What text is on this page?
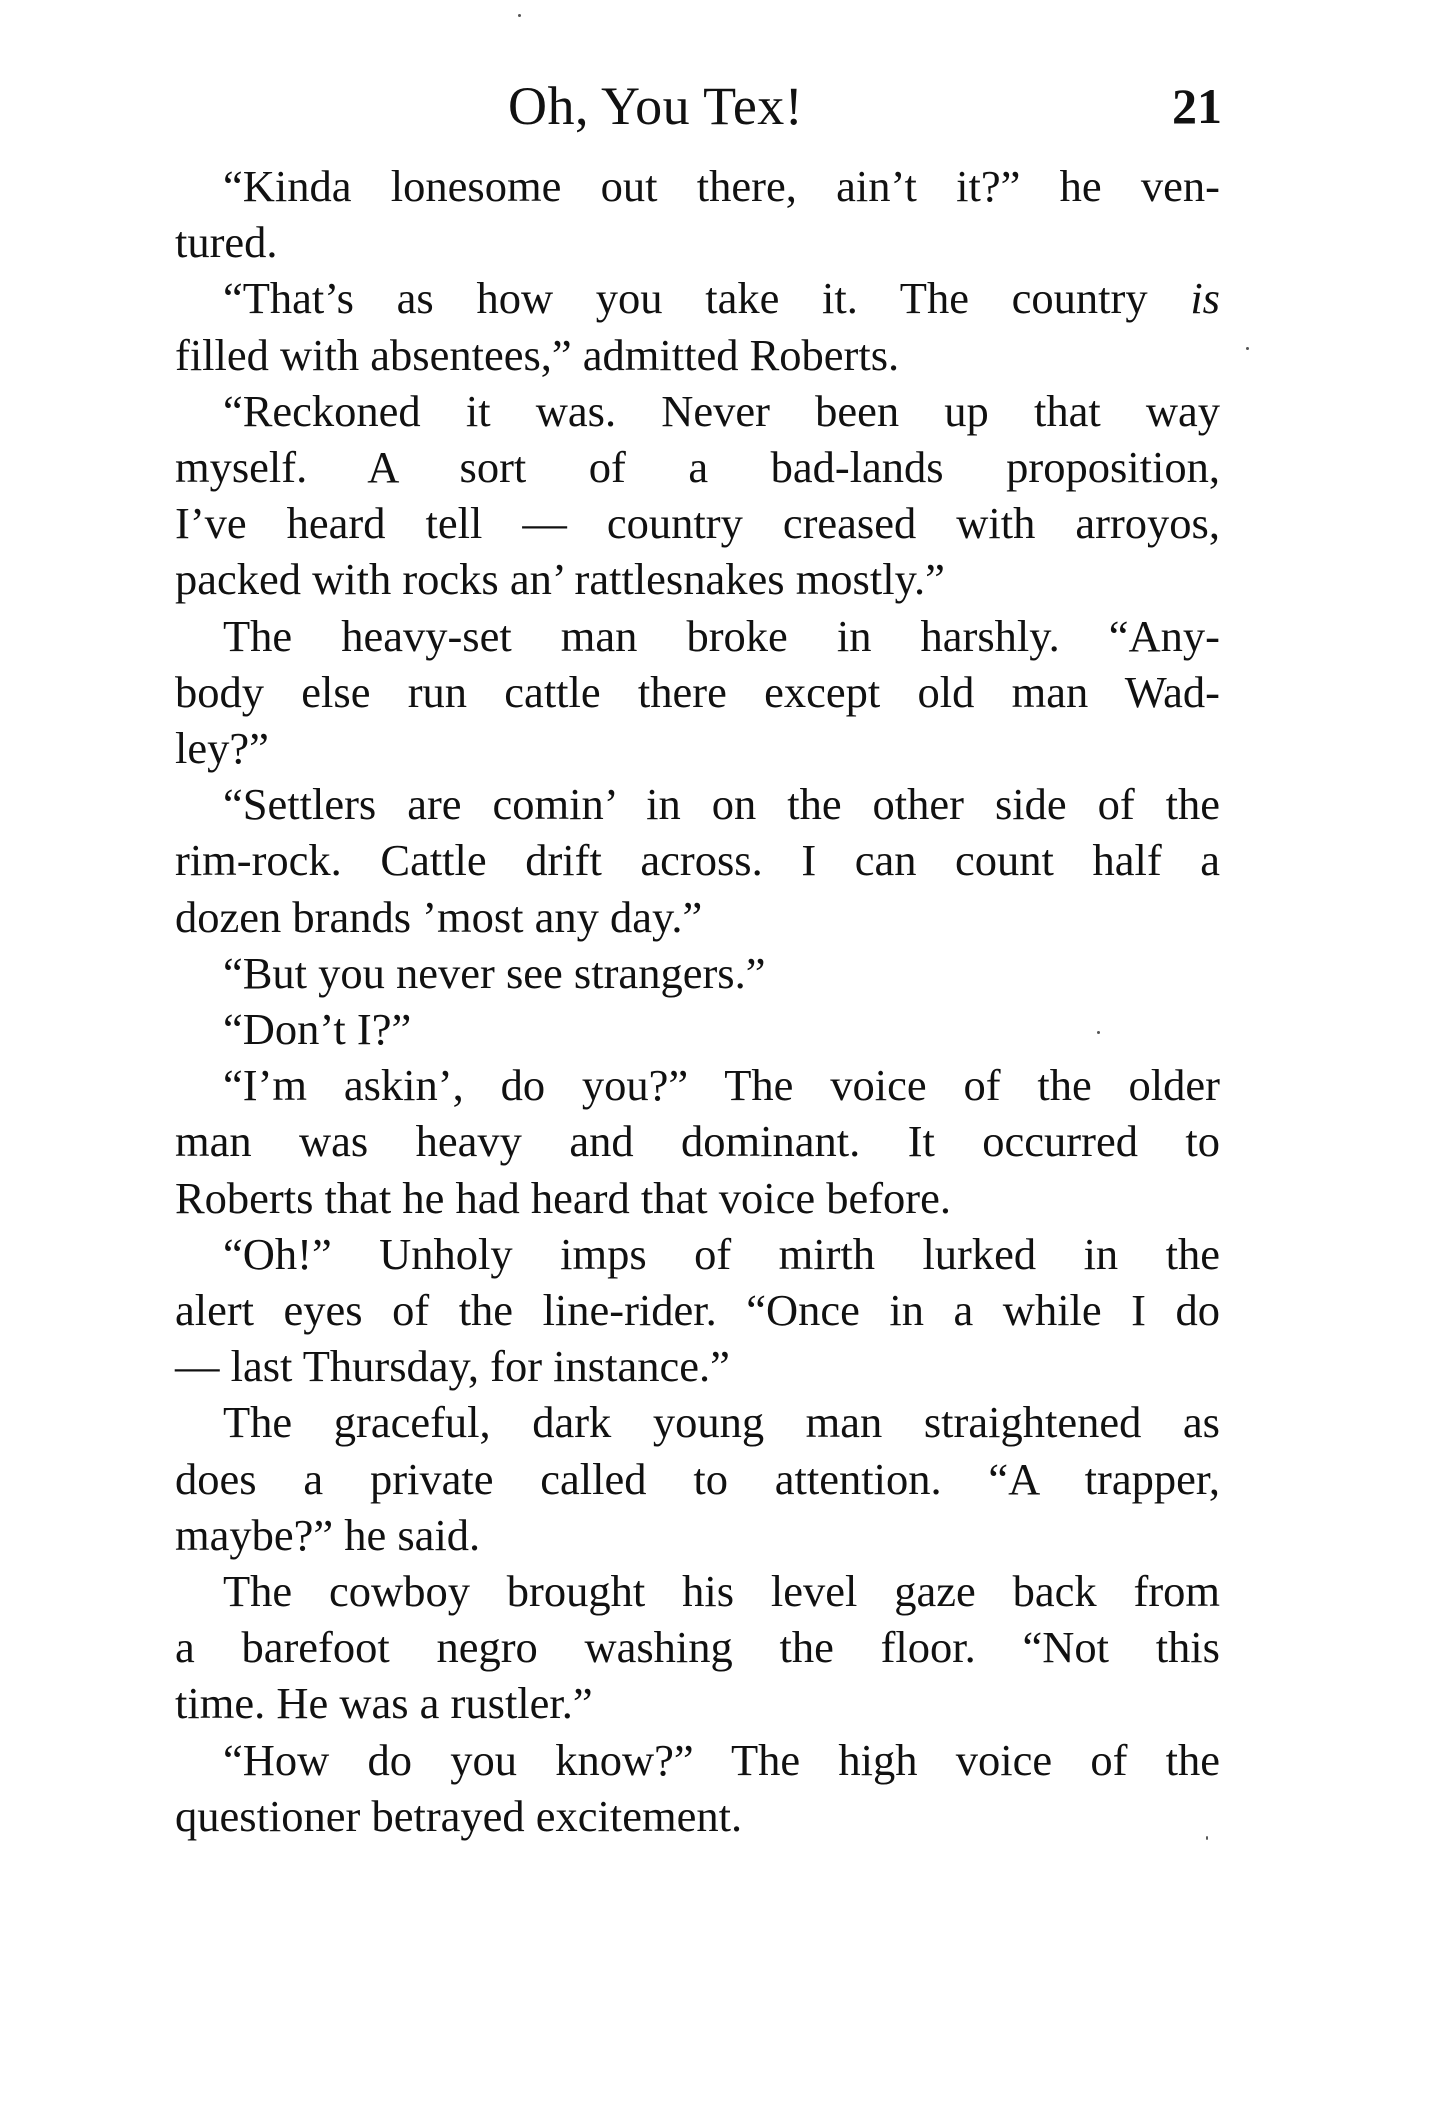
Oh, You Tex!	21
“Kinda lonesome out there, ain’t it?” he ven-
tured.
“That’s as how you take it. The country is
filled with absentees,” admitted Roberts.
“Reckoned it was. Never been up that way
myself. A sort of a bad-lands proposition,
I’ve heard tell — country creased with arroyos,
packed with rocks an’ rattlesnakes mostly.”
The heavy-set man broke in harshly. “Any-
body else run cattle there except old man Wad-
ley?”
“Settlers are comin’ in on the other side of the
rim-rock. Cattle drift across. I can count half a
dozen brands ’most any day.”
“But you never see strangers.”
“Don’t I?”
“I’m askin’, do you?” The voice of the older
man was heavy and dominant. It occurred to
Roberts that he had heard that voice before.
“Oh!” Unholy imps of mirth lurked in the
alert eyes of the line-rider. “Once in a while I do
— last Thursday, for instance.”
The graceful, dark young man straightened as
does a private called to attention. “A trapper,
maybe?” he said.
The cowboy brought his level gaze back from
a barefoot negro washing the floor. “Not this
time. He was a rustler.”
“How do you know?” The high voice of the
questioner betrayed excitement.
